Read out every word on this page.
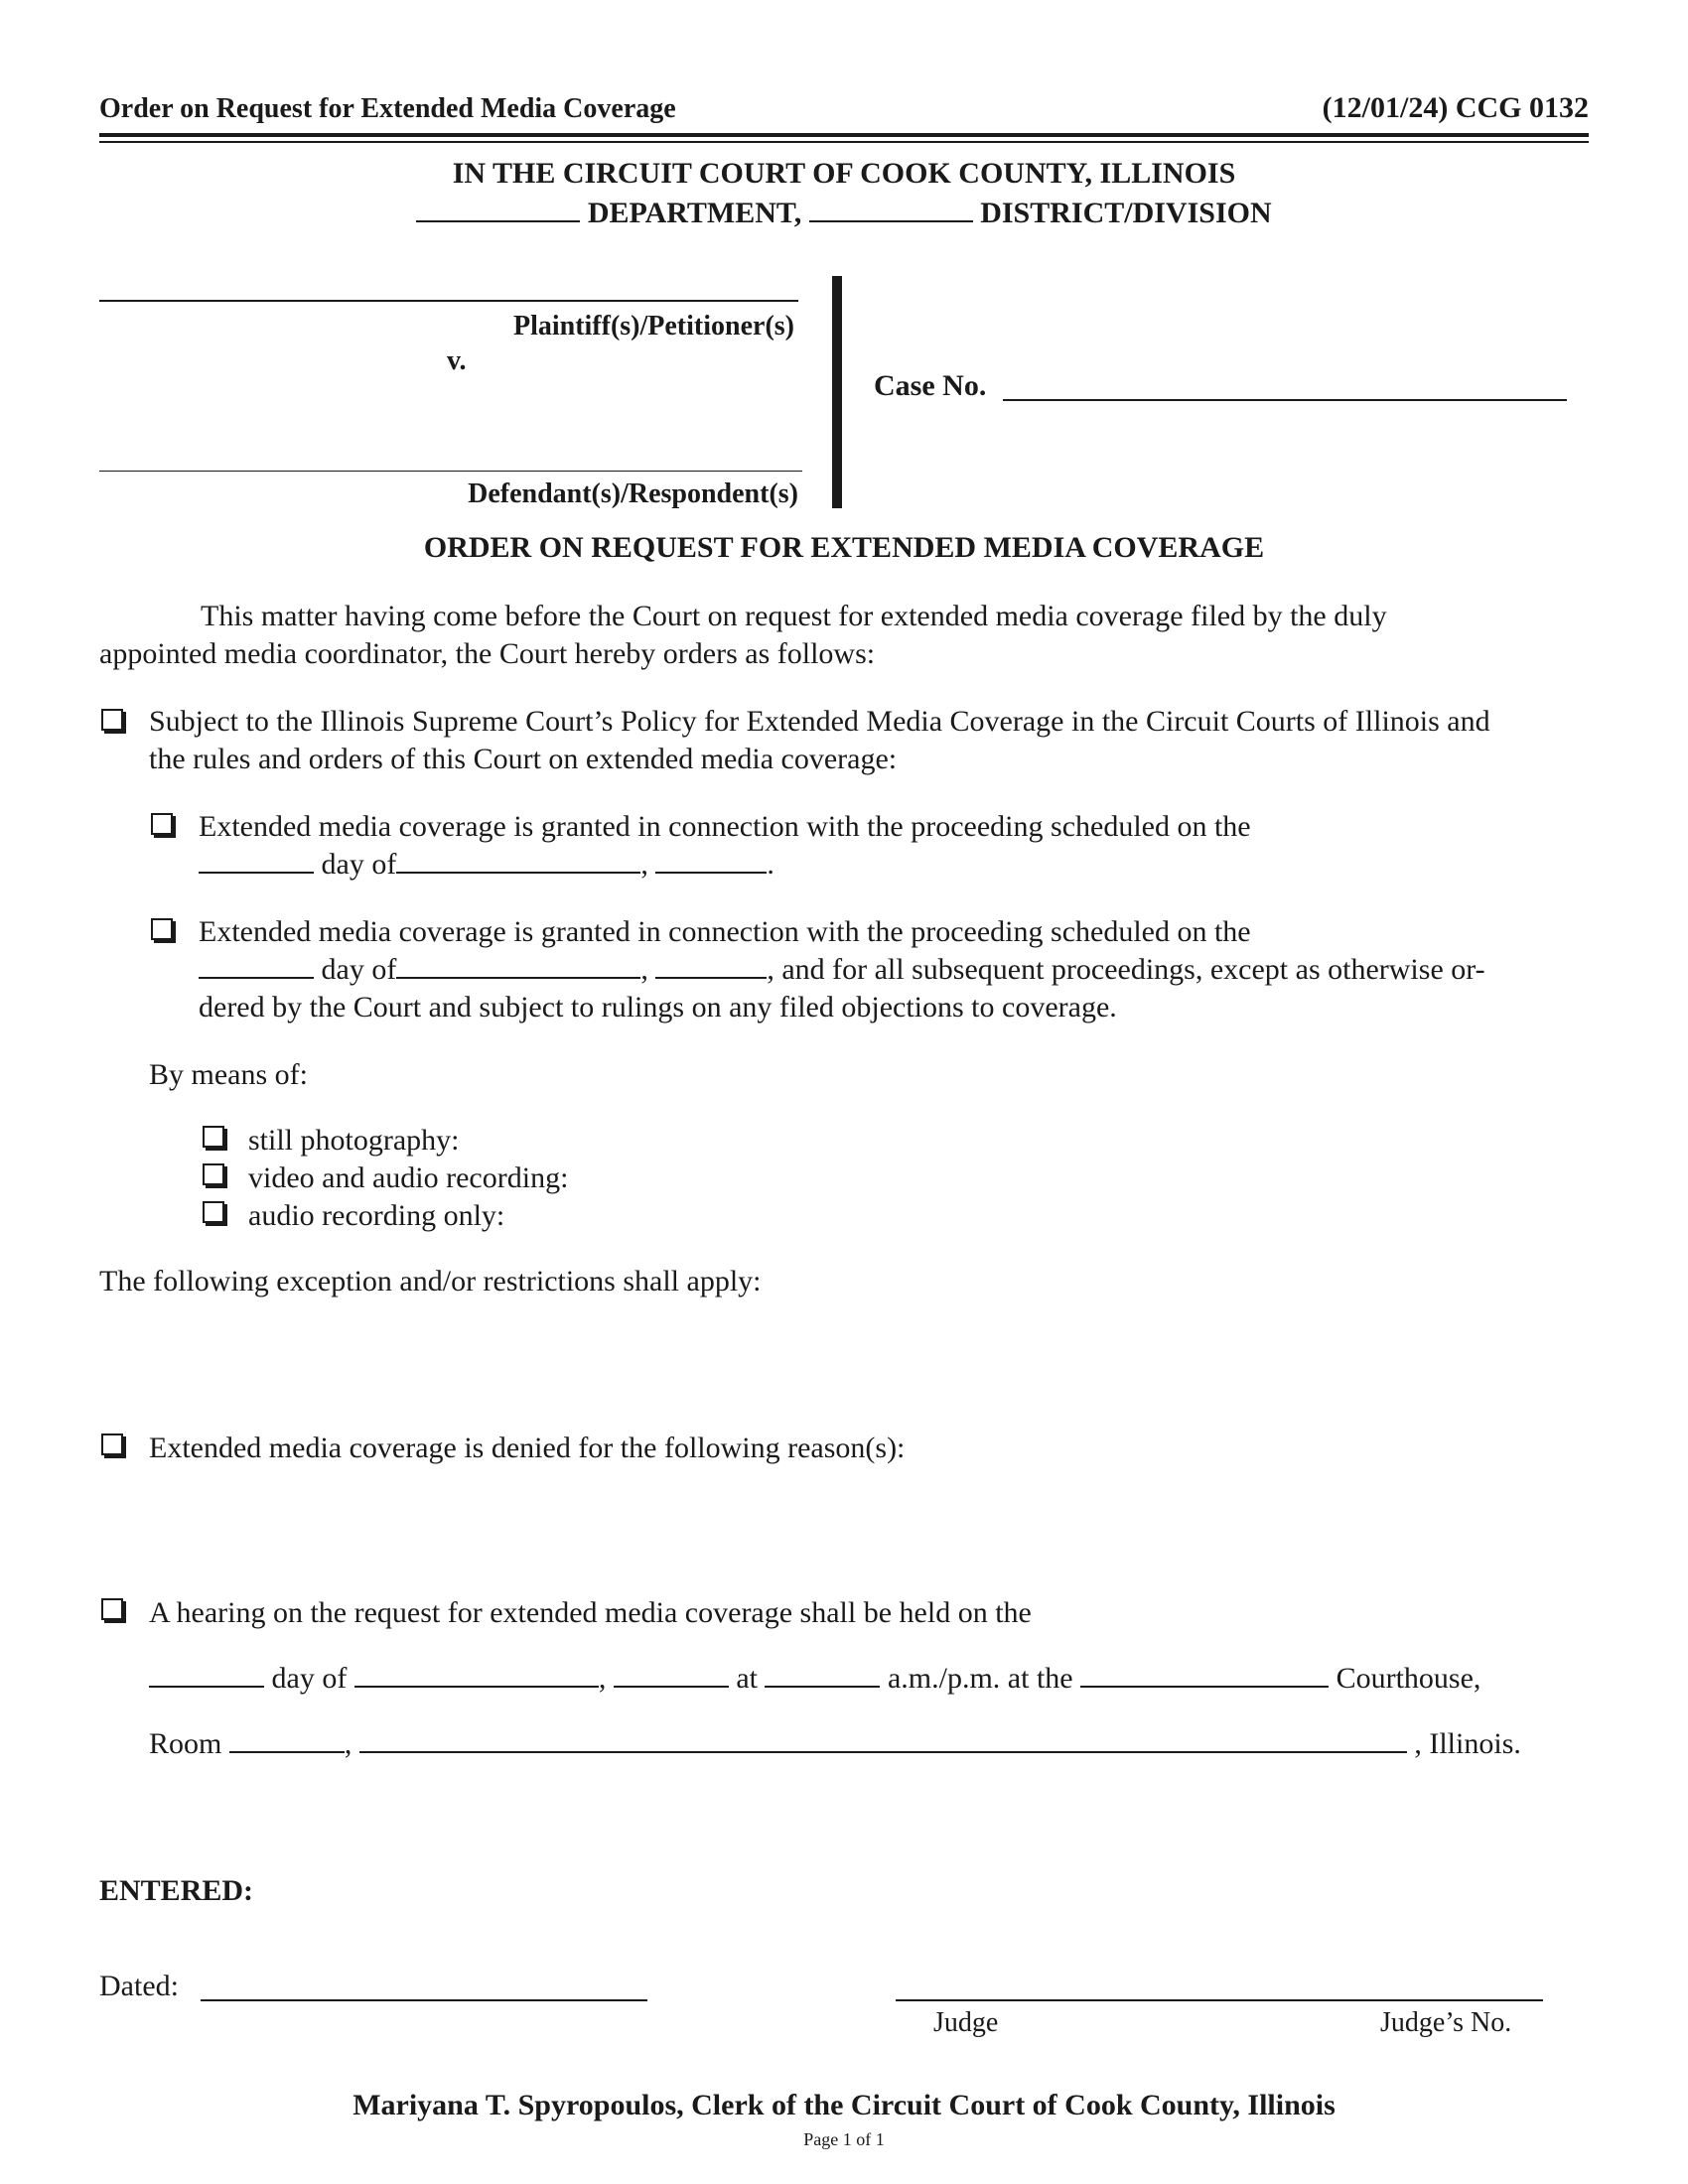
Order on Request for Extended Media Coverage	(12/01/24) CCG 0132
IN THE CIRCUIT COURT OF COOK COUNTY, ILLINOIS
DEPARTMENT,	DISTRICT/DIVISION
Plaintiff(s)/Petitioner(s)
v.
Defendant(s)/Respondent(s)
Case No.
ORDER ON REQUEST FOR EXTENDED MEDIA COVERAGE
This matter having come before the Court on request for extended media coverage filed by the duly
appointed media coordinator, the Court hereby orders as follows:
Subject to the Illinois Supreme Court’s Policy for Extended Media Coverage in the Circuit Courts of Illinois and
the rules and orders of this Court on extended media coverage:
Extended media coverage is granted in connection with the proceeding scheduled on the
day of	,	.
Extended media coverage is granted in connection with the proceeding scheduled on the
day of	,	, and for all subsequent proceedings, except as otherwise or-
dered by the Court and subject to rulings on any filed objections to coverage.
By means of:
still photography:
video and audio recording:
audio recording only:
The following exception and/or restrictions shall apply:
Extended media coverage is denied for the following reason(s):
A hearing on the request for extended media coverage shall be held on the
day of	,	at	a.m./p.m. at the	Courthouse,
Room	,	, Illinois.
ENTERED:
Dated:
Judge	Judge’s No.
Mariyana T. Spyropoulos, Clerk of the Circuit Court of Cook County, Illinois
Page 1 of 1
